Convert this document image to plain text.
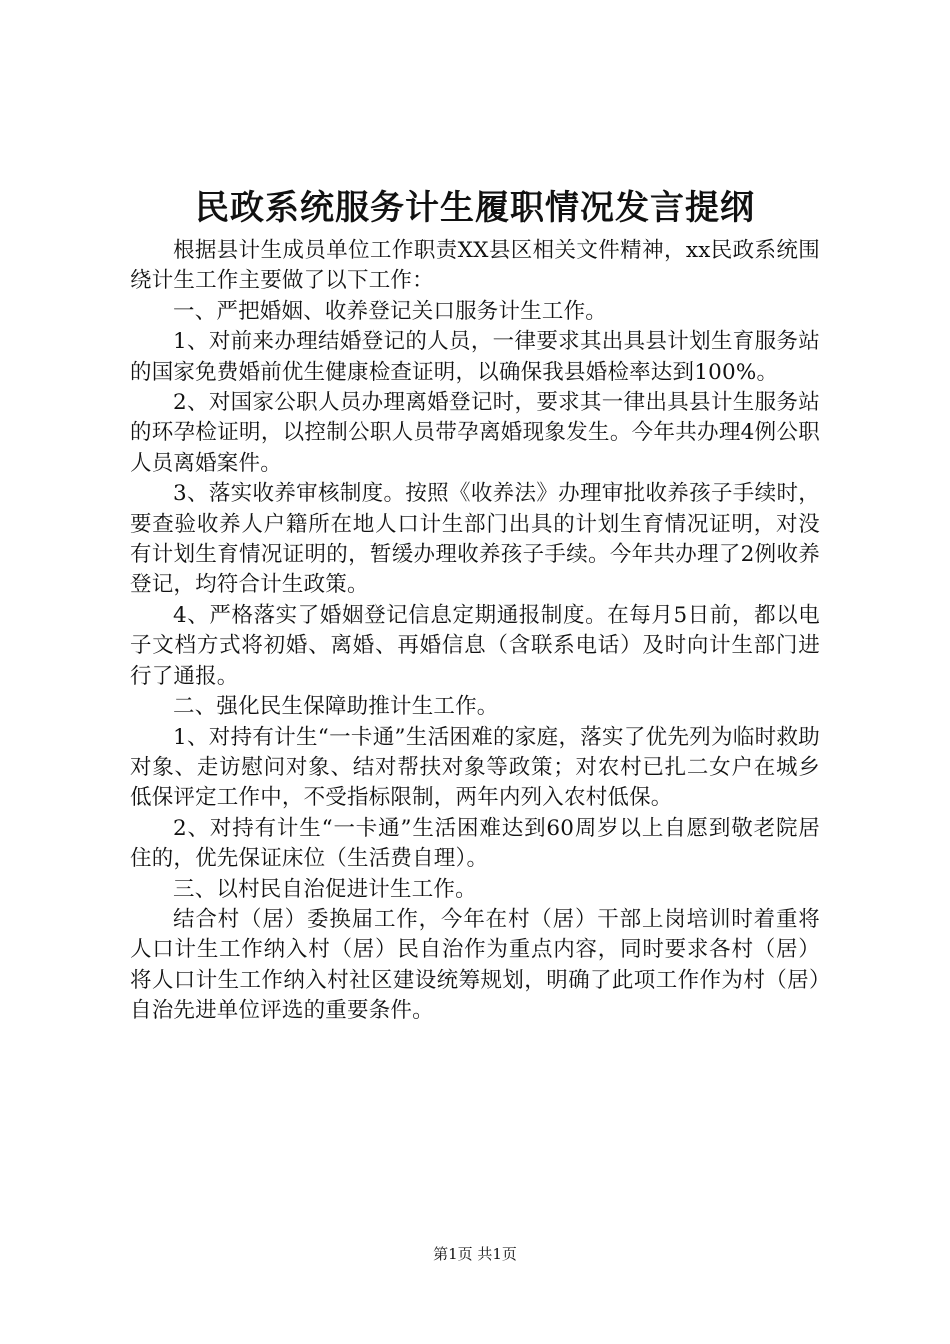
民政系统服务计生履职情况发言提纲

根据县计生成员单位工作职责XX县区相关文件精神，xx民政系统围绕计生工作主要做了以下工作：

一、严把婚姻、收养登记关口服务计生工作。

1、对前来办理结婚登记的人员，一律要求其出具县计划生育服务站的国家免费婚前优生健康检查证明，以确保我县婚检率达到100%。

2、对国家公职人员办理离婚登记时，要求其一律出具县计生服务站的环孕检证明，以控制公职人员带孕离婚现象发生。今年共办理4例公职人员离婚案件。

3、落实收养审核制度。按照《收养法》办理审批收养孩子手续时，要查验收养人户籍所在地人口计生部门出具的计划生育情况证明，对没有计划生育情况证明的，暂缓办理收养孩子手续。今年共办理了2例收养登记，均符合计生政策。

4、严格落实了婚姻登记信息定期通报制度。在每月5日前，都以电子文档方式将初婚、离婚、再婚信息（含联系电话）及时向计生部门进行了通报。

二、强化民生保障助推计生工作。

1、对持有计生“一卡通”生活困难的家庭，落实了优先列为临时救助对象、走访慰问对象、结对帮扶对象等政策；对农村已扎二女户在城乡低保评定工作中，不受指标限制，两年内列入农村低保。

2、对持有计生“一卡通”生活困难达到60周岁以上自愿到敬老院居住的，优先保证床位（生活费自理）。

三、以村民自治促进计生工作。

结合村（居）委换届工作，今年在村（居）干部上岗培训时着重将人口计生工作纳入村（居）民自治作为重点内容，同时要求各村（居）将人口计生工作纳入村社区建设统筹规划，明确了此项工作作为村（居）自治先进单位评选的重要条件。

第1页 共1页
